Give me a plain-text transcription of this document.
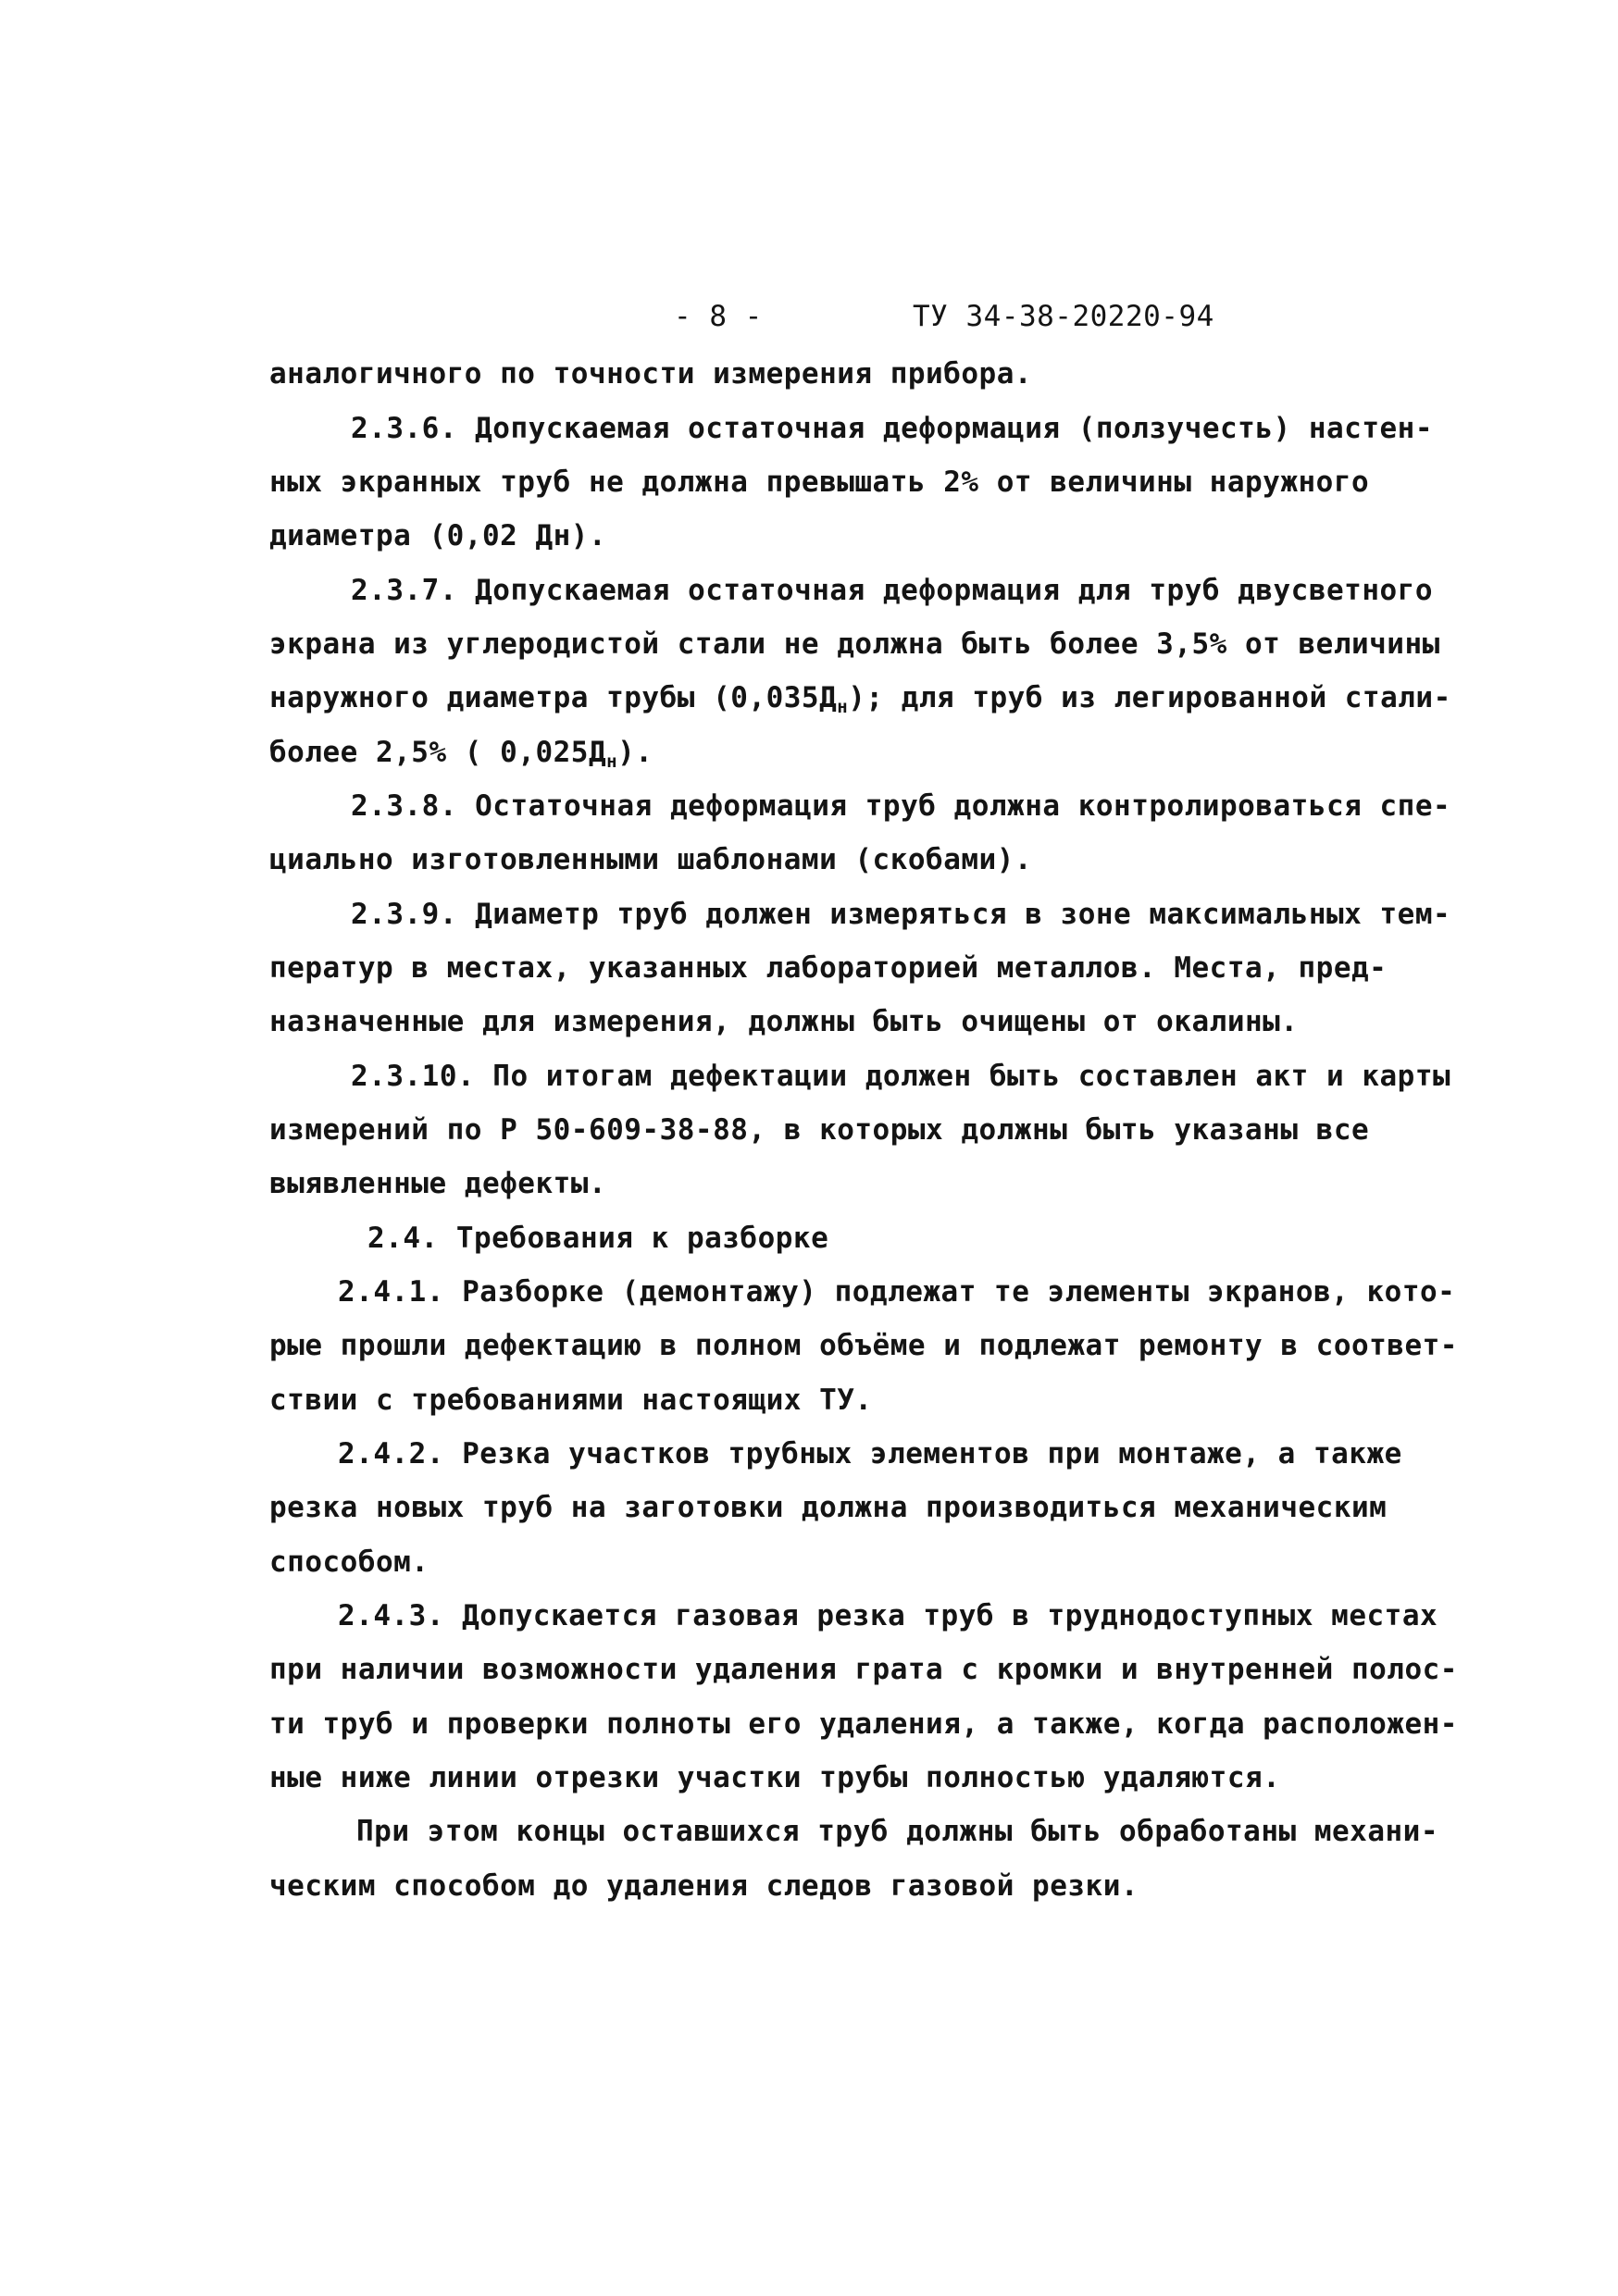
- 8 -	ТУ 34-38-20220-94
аналогичного по точности измерения прибора.
2.3.6. Допускаемая остаточная деформация (ползучесть) настен-
ных экранных труб не должна превышать 2% от величины наружного
диаметра (0,02 Дн).
2.3.7. Допускаемая остаточная деформация для труб двусветного
экрана из углеродистой стали не должна быть более 3,5% от величины
наружного диаметра трубы $(0,035Д_н)$; для труб из легированной стали-
более 2,5% ( $0,025Д_н$).
2.3.8. Остаточная деформация труб должна контролироваться спе-
циально изготовленными шаблонами (скобами).
2.3.9. Диаметр труб должен измеряться в зоне максимальных тем-
ператур в местах, указанных лабораторией металлов. Места, пред-
назначенные для измерения, должны быть очищены от окалины.
2.3.10. По итогам дефектации должен быть составлен акт и карты
измерений по Р 50-609-38-88, в которых должны быть указаны все
выявленные дефекты.
2.4. Требования к разборке
2.4.1. Разборке (демонтажу) подлежат те элементы экранов, кото-
рые прошли дефектацию в полном объёме и подлежат ремонту в соответ-
ствии с требованиями настоящих ТУ.
2.4.2. Резка участков трубных элементов при монтаже, а также
резка новых труб на заготовки должна производиться механическим
способом.
2.4.3. Допускается газовая резка труб в труднодоступных местах
при наличии возможности удаления грата с кромки и внутренней полос-
ти труб и проверки полноты его удаления, а также, когда расположен-
ные ниже линии отрезки участки трубы полностью удаляются.
При этом концы оставшихся труб должны быть обработаны механи-
ческим способом до удаления следов газовой резки.
